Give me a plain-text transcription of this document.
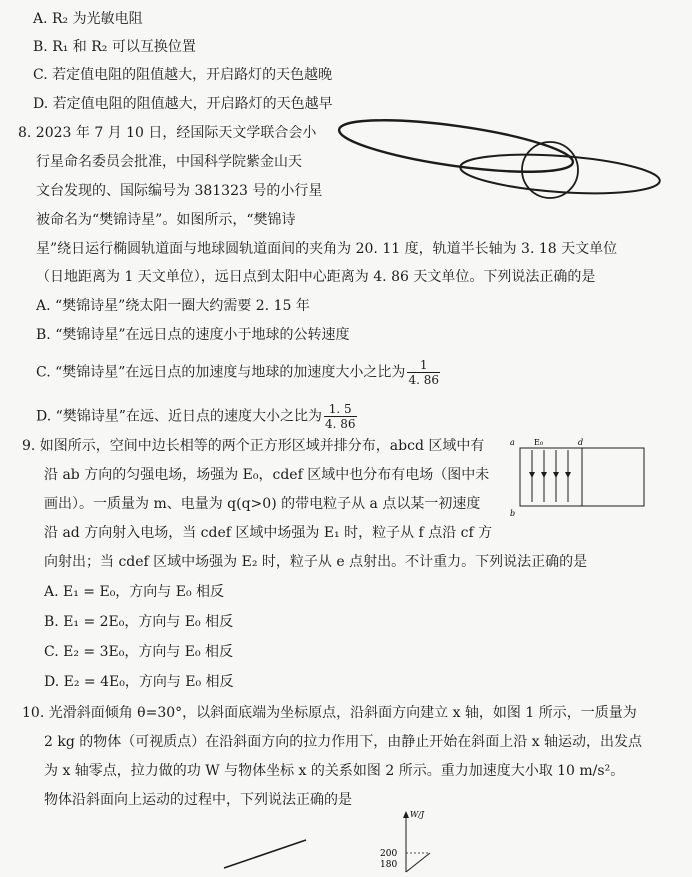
A. R₂ 为光敏电阻
B. R₁ 和 R₂ 可以互换位置
C. 若定值电阻的阻值越大，开启路灯的天色越晚
D. 若定值电阻的阻值越大，开启路灯的天色越早
8. 2023 年 7 月 10 日，经国际天文学联合会小
行星命名委员会批准，中国科学院紫金山天
文台发现的、国际编号为 381323 号的小行星
被命名为“樊锦诗星”。如图所示，“樊锦诗
星”绕日运行椭圆轨道面与地球圆轨道面间的夹角为 20. 11 度，轨道半长轴为 3. 18 天文单位
（日地距离为 1 天文单位），远日点到太阳中心距离为 4. 86 天文单位。下列说法正确的是
A. “樊锦诗星”绕太阳一圈大约需要 2. 15 年
B. “樊锦诗星”在远日点的速度小于地球的公转速度
C. “樊锦诗星”在远日点的加速度与地球的加速度大小之比为 $\frac{1}{4. 86}$
D. “樊锦诗星”在远、近日点的速度大小之比为 $\frac{1. 5}{4. 86}$
9. 如图所示，空间中边长相等的两个正方形区域并排分布，abcd 区域中有
沿 ab 方向的匀强电场，场强为 E₀，cdef 区域中也分布有电场（图中未
画出）。一质量为 m、电量为 q(q>0) 的带电粒子从 a 点以某一初速度
沿 ad 方向射入电场，当 cdef 区域中场强为 E₁ 时，粒子从 f 点沿 cf 方
向射出；当 cdef 区域中场强为 E₂ 时，粒子从 e 点射出。不计重力。下列说法正确的是
A. E₁ = E₀，方向与 E₀ 相反
B. E₁ = 2E₀，方向与 E₀ 相反
C. E₂ = 3E₀，方向与 E₀ 相反
D. E₂ = 4E₀，方向与 E₀ 相反
a E₀	d
b
10. 光滑斜面倾角 θ=30°，以斜面底端为坐标原点，沿斜面方向建立 x 轴，如图 1 所示，一质量为
2 kg 的物体（可视质点）在沿斜面方向的拉力作用下，由静止开始在斜面上沿 x 轴运动，出发点
为 x 轴零点，拉力做的功 W 与物体坐标 x 的关系如图 2 所示。重力加速度大小取 10 m/s²。
物体沿斜面向上运动的过程中，下列说法正确的是
W/J
200
180
